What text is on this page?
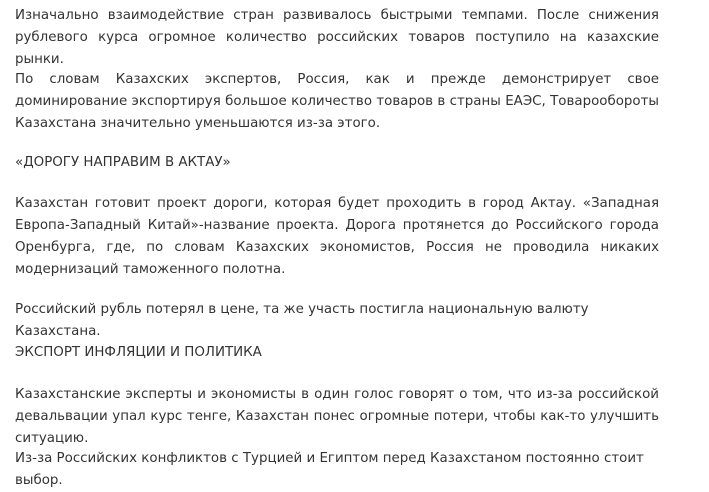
Изначально взаимодействие стран развивалось быстрыми темпами. После снижения рублевого курса огромное количество российских товаров поступило на казахские рынки.

По словам Казахских экспертов, Россия, как и прежде демонстрирует свое доминирование экспортируя большое количество товаров в страны ЕАЭС, Товарообороты Казахстана значительно уменьшаются из-за этого.

«ДОРОГУ НАПРАВИМ В АКТАУ»

Казахстан готовит проект дороги, которая будет проходить в город Актау. «Западная Европа-Западный Китай»-название проекта. Дорога протянется до Российского города Оренбурга, где, по словам Казахских экономистов, Россия не проводила никаких модернизаций таможенного полотна.

Российский рубль потерял в цене, та же участь постигла национальную валюту Казахстана.

ЭКСПОРТ ИНФЛЯЦИИ И ПОЛИТИКА

Казахстанские эксперты и экономисты в один голос говорят о том, что из-за российской девальвации упал курс тенге, Казахстан понес огромные потери, чтобы как-то улучшить ситуацию.

Из-за Российских конфликтов с Турцией и Египтом перед Казахстаном постоянно стоит выбор.
